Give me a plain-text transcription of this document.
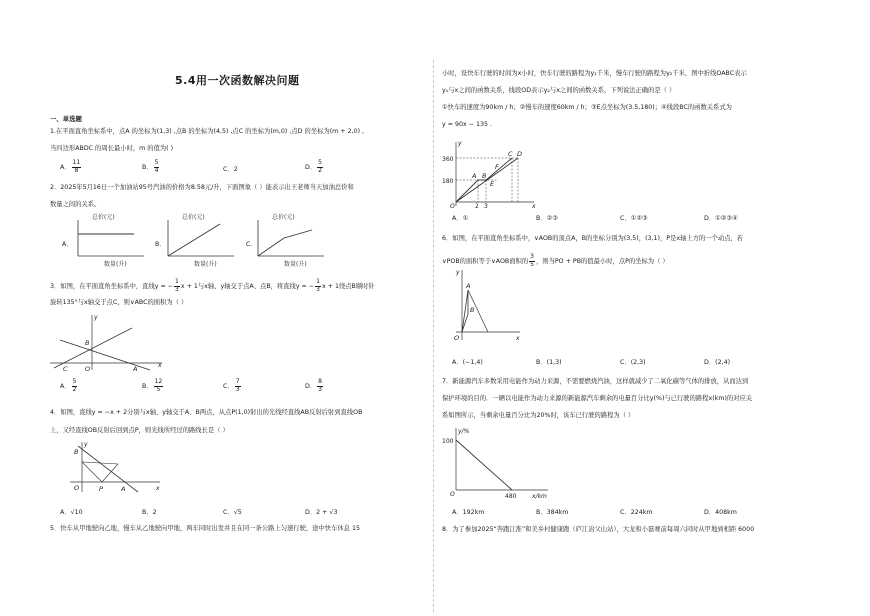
5.4用一次函数解决问题
一、单选题
1.在平面直角坐标系中，点A 的坐标为(1,3) ,点B 的坐标为(4,5) ,点C 的坐标为(m,0) ,点D 的坐标为(m + 2,0) ,
当四边形ABDC 的周长最小时，m 的值为( )
A． $\frac{11}{8}$	B． $\frac{5}{4}$	C．2	D． $\frac{5}{2}$
2．2025年5月16日一个加油站95号汽油的价格为8.58元/升，下面图象（ ）能表示出王老师当天加油总价和
数量之间的关系。
A．
总价(元)
数量(升)
B．
总价(元)
数量(升)
C．
总价(元)
数量(升)
3．如图，在平面直角坐标系中，直线y = − $\frac{1}{3}$ x + 1与x轴、y轴交于点A、点B，将直线y = − $\frac{1}{3}$ x + 1绕点B顺时针
旋转135°与x轴交于点C，则∨ABC的面积为（ ）
y
x
B
C	O	A
A． $\frac{5}{2}$	B． $\frac{12}{5}$	C． $\frac{7}{3}$	D． $\frac{8}{3}$
4．如图，直线y = −x + 2分别与x轴、y轴交于A、B两点，从点P(1,0)射出的光线经直线AB反射后射到直线OB
上，又经直线OB反射后回到点P，则光线所经过的路线长是（ ）
y
x
B
O	P	A
A．√10	B．2	C．√5	D．2 + √3
5．快车从甲地驶向乙地，慢车从乙地驶向甲地，两车同时出发并且在同一条公路上匀速行驶，途中快车休息 15
小时，设快车行驶的时间为x小时，快车行驶的路程为y₁千米，慢车行驶的路程为y₂千米，图中折线OABC表示
y₁与x之间的函数关系，线段OD表示y₂与x之间的函数关系，下列说法正确的是（ ）
①快车的速度为90km / h；②慢车的速度60km / h；③E点坐标为(3.5,180)；④线段BC的函数关系式为
y = 90x − 135 .
y
360
180
O	2 3	x
A B
E
F
C D
A．①	B．②③	C．①②③	D．①②③④
6．如图，在平面直角坐标系中，∨AOB的顶点A，B的坐标分别为(3,5)，(3,1)，P是x轴上方的一个动点，若
∨POB的面积等于∨AOB面积的 $\frac{3}{5}$ ，则当PO + PB的值最小时，点P的坐标为（ ）
y
x
A
B
O
A．(−1,4)	B．(1,3)	C．(2,3)	D．(2,4)
7．新能源汽车多数采用电能作为动力来源，不需要燃烧汽油，这样就减少了二氧化碳等气体的排放，从而达到
保护环境的目的．一辆以电能作为动力来源的新能源汽车剩余的电量百分比y(%)与已行驶的路程x(km)的对应关
系如图所示，当剩余电量百分比为20%时，该车已行驶的路程为（ ）
y/%
100
O	480	x/km
A．192km	B．384km	C．224km	D．408km
8．为了参加2025“奔跑江淮”和美乡村健康跑（庐江冶父山站），大龙和小磊赛前每周六同时从甲地到相距 6000
